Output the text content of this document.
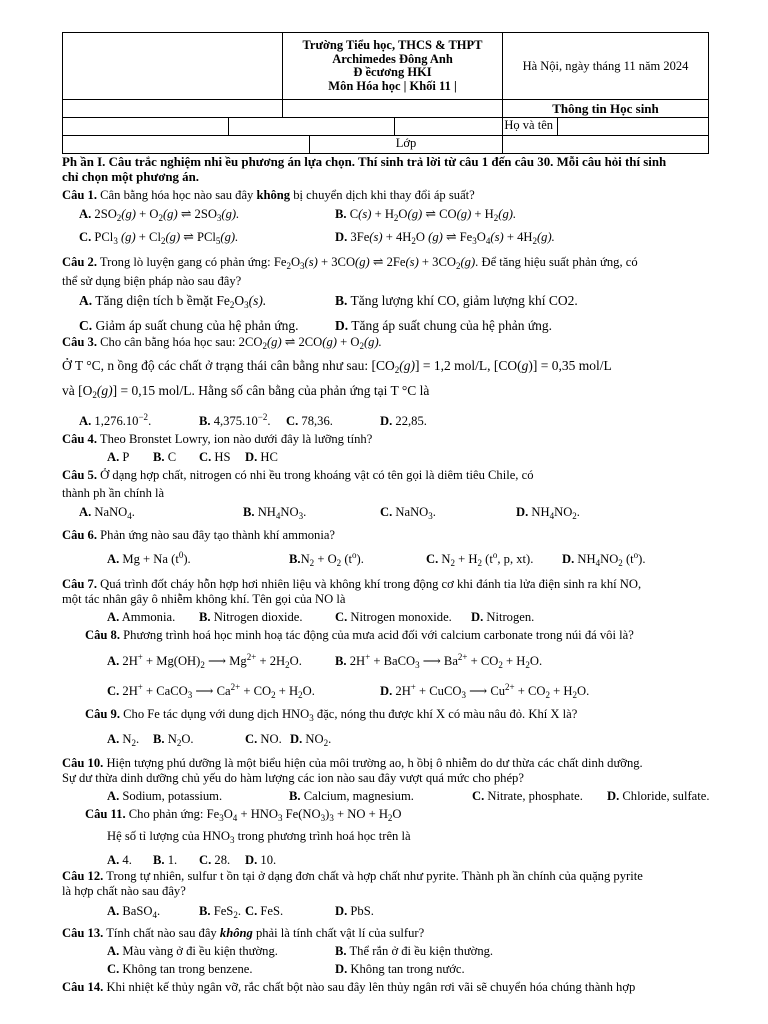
	Trường Tiểu học, THCS & THPT
Archimedes Đông Anh
Đ ềcương HKI
Môn Hóa học | Khối 11 |	Hà Nội, ngày tháng 11 năm 2024	
		Thông tin Học sinh	

Họ và tên			

Lớp			

Ph ần I. Câu trắc nghiệm nhi ều phương án lựa chọn. Thí sinh trả lời từ câu 1 đến câu 30. Mỗi câu hỏi thí sinh
chỉ chọn một phương án.
Câu 1. Cân bằng hóa học nào sau đây không bị chuyển dịch khi thay đổi áp suất?
A. $2SO_2(g) + O_2(g)$ ⇌ $2SO_3(g)$.	B. $C(s) + H_2O(g)$ ⇌ $CO(g) + H_2(g)$.
C. PCl$_3$ $(g) + Cl_2(g)$ ⇌ PCl$_5$(g).	D. $3Fe(s) + 4H_2O$ (g) ⇌ $Fe_3O_4(s) + 4H_2(g)$.
Câu 2. Trong lò luyện gang có phản ứng: $Fe_2O_3(s) + 3CO(g)$ ⇌ $2Fe(s) + 3CO_2(g)$. Để tăng hiệu suất phản ứng, có
thể sử dụng biện pháp nào sau đây?
A. Tăng diện tích b ềmặt $Fe_2O_3(s)$.	B. Tăng lượng khí CO, giảm lượng khí CO2.
C. Giảm áp suất chung của hệ phản ứng.	D. Tăng áp suất chung của hệ phản ứng.
Câu 3. Cho cân bằng hóa học sau: $2CO_2(g)$ ⇌ $2CO(g) + O_2(g)$.
Ở T °C, n ồng độ các chất ở trạng thái cân bằng như sau: $[CO_2(g)] = 1,2$ mol/L, [CO(g)] = 0,35 mol/L
và $[O_2(g)] = 0,15$ mol/L. Hằng số cân bằng của phản ứng tại T °C là
A. $1,276.10^{-2}$.	B. $4,375.10^{-2}$. C. 78,36.	D. 22,85.
Câu 4. Theo Bronstet Lowry, ion nào dưới đây là lưỡng tính?
A. P B. C C. HS D. HC
Câu 5. Ở dạng hợp chất, nitrogen có nhi ều trong khoáng vật có tên gọi là diêm tiêu Chile, có
thành ph ần chính là
A. NaNO$_4$.	B. $NH_4NO_3$.	C. NaNO$_3$.	D. $NH_4NO_2$.
Câu 6. Phản ứng nào sau đây tạo thành khí ammonia?
A. Mg + Na $(t^0)$.	$B.N_2 + O_2$ $(t^o)$.	C. $N_2 + H_2$ ($t^o$, p, xt). D. $NH_4NO_2$ $(t^o)$.
Câu 7. Quá trình đốt cháy hỗn hợp hơi nhiên liệu và không khí trong động cơ khi đánh tia lửa điện sinh ra khí NO,
một tác nhân gây ô nhiễm không khí. Tên gọi của NO là
A. Ammonia. B. Nitrogen dioxide.	C. Nitrogen monoxide. D. Nitrogen.
Câu 8. Phương trình hoá học minh hoạ tác động của mưa acid đối với calcium carbonate trong núi đá vôi là?
A. $2H^+ + Mg(OH)_2$ ⟶ $Mg^{2+} + 2H_2O$.	B. 2H+ + BaCO$_3$ ⟶ $Ba^{2+} + CO_2 + H_2O$.
C. 2H+ + CaCO$_3$ ⟶ $Ca^{2+} + CO_2 + H_2O$.	D. 2H+ + CuCO$_3$ ⟶ $Cu^{2+} + CO_2 + H_2O$.
Câu 9. Cho Fe tác dụng với dung dịch $HNO_3$ đặc, nóng thu được khí X có màu nâu đỏ. Khí X là?
A. $N_2$. B. $N_2O$.	C. NO. D. $NO_2$.
Câu 10. Hiện tượng phú dưỡng là một biểu hiện của môi trường ao, h ồbị ô nhiễm do dư thừa các chất dinh dưỡng.
Sự dư thừa dinh dưỡng chủ yếu do hàm lượng các ion nào sau đây vượt quá mức cho phép?
A. Sodium, potassium.	B. Calcium, magnesium.	C. Nitrate, phosphate. D. Chloride, sulfate.
Câu 11. Cho phản ứng: $Fe_3O_4 + HNO_3$ $Fe(NO_3)_3$ + NO + $H_2O$
Hệ số tỉ lượng của $HNO_3$ trong phương trình hoá học trên là
A. 4. B. 1. C. 28. D. 10.
Câu 12. Trong tự nhiên, sulfur t ồn tại ở dạng đơn chất và hợp chất như pyrite. Thành ph ần chính của quặng pyrite
là hợp chất nào sau đây?
A. BaSO$_4$.	B. FeS$_2$. C. FeS.	D. PbS.
Câu 13. Tính chất nào sau đây không phải là tính chất vật lí của sulfur?
A. Màu vàng ở đi ều kiện thường.	B. Thể rắn ở đi ều kiện thường.
C. Không tan trong benzene.	D. Không tan trong nước.
Câu 14. Khi nhiệt kế thủy ngân vỡ, rắc chất bột nào sau đây lên thủy ngân rơi vãi sẽ chuyển hóa chúng thành hợp
